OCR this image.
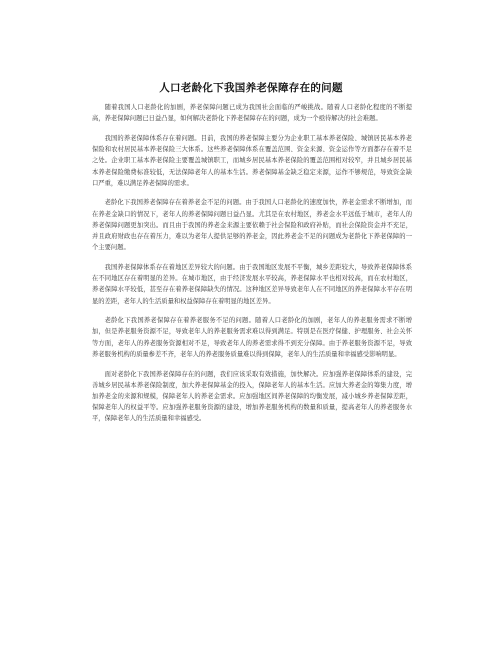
人口老龄化下我国养老保障存在的问题

随着我国人口老龄化的加剧，养老保障问题已成为我国社会面临的严峻挑战。随着人口老龄化程度的不断提高，养老保障问题已日益凸显，如何解决老龄化下养老保障存在的问题，成为一个亟待解决的社会难题。

我国的养老保障体系存在着问题。目前，我国的养老保障主要分为企业职工基本养老保险、城镇居民基本养老保险和农村居民基本养老保险三大体系。这些养老保障体系在覆盖范围、资金来源、资金运作等方面都存在着不足之处。企业职工基本养老保险主要覆盖城镇职工，而城乡居民基本养老保险的覆盖范围相对较窄，并且城乡居民基本养老保险缴费标准较低，无法保障老年人的基本生活。养老保障基金缺乏稳定来源，运作不够规范，导致资金缺口严重，难以满足养老保障的需求。

老龄化下我国养老保障存在着养老金不足的问题。由于我国人口老龄化的速度加快，养老金需求不断增加，而在养老金缺口的情况下，老年人的养老保障问题日益凸显。尤其是在农村地区，养老金水平远低于城市，老年人的养老保障问题更加突出。而且由于我国的养老金来源主要依赖于社会保险和政府补贴，而社会保险资金并不充足，并且政府财政也存在着压力，难以为老年人提供足够的养老金，因此养老金不足的问题成为老龄化下养老保障的一个主要问题。

我国养老保障体系存在着地区差异较大的问题。由于我国地区发展不平衡，城乡差距较大，导致养老保障体系在不同地区存在着明显的差异。在城市地区，由于经济发展水平较高，养老保障水平也相对较高，而在农村地区，养老保障水平较低，甚至存在着养老保障缺失的情况。这种地区差异导致老年人在不同地区的养老保障水平存在明显的差距，老年人的生活质量和权益保障存在着明显的地区差异。

老龄化下我国养老保障存在着养老服务不足的问题。随着人口老龄化的加剧，老年人的养老服务需求不断增加，但是养老服务资源不足，导致老年人的养老服务需求难以得到满足。特别是在医疗保健、护理服务、社会关怀等方面，老年人的养老服务资源相对不足，导致老年人的养老需求得不到充分保障。由于养老服务资源不足，导致养老服务机构的质量参差不齐，老年人的养老服务质量难以得到保障，老年人的生活质量和幸福感受影响明显。

面对老龄化下我国养老保障存在的问题，我们应该采取有效措施，加快解决。应加强养老保障体系的建设，完善城乡居民基本养老保险制度，加大养老保障基金的投入，保障老年人的基本生活。应加大养老金的筹集力度，增加养老金的来源和规模，保障老年人的养老金需求。应加强地区间养老保障的均衡发展，减小城乡养老保障差距，保障老年人的权益平等。应加强养老服务资源的建设，增加养老服务机构的数量和质量，提高老年人的养老服务水平，保障老年人的生活质量和幸福感受。
